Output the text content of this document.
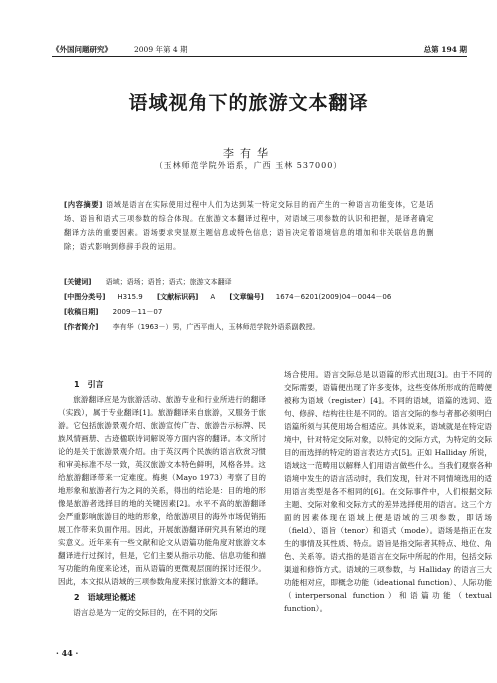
《外国问题研究》	2009 年第 4 期	总第 194 期
语域视角下的旅游文本翻译
李有华
（玉林师范学院外语系，广西 玉林 537000）
[内容摘要] 语域是语言在实际使用过程中人们为达到某一特定交际目的而产生的一种语言功能变体，它是话场、语旨和语式三项参数的综合体现。在旅游文本翻译过程中，对语域三项参数的认识和把握，是译者确定翻译方法的重要因素。语场要求突显原主题信息或特色信息；语旨决定着语境信息的增加和非关联信息的删除；语式影响到修辞手段的运用。
[关键词] 语域；语场；语旨；语式；旅游文本翻译
[中图分类号] H315.9 [文献标识码] A [文章编号] 1674－6201(2009)04－0044－06
[收稿日期] 2009－11－07
[作者简介] 李有华（1963－）男，广西平南人，玉林师范学院外语系副教授。
1　引言

旅游翻译应是为旅游活动、旅游专业和行业所进行的翻译（实践），属于专业翻译[1]。旅游翻译来自旅游，又服务于旅游。它包括旅游景观介绍、旅游宣传广告、旅游告示标牌、民族风情画册、古迹楹联诗词解说等方面内容的翻译。本文所讨论的是关于旅游景观介绍。由于英汉两个民族的语言欣赏习惯和审美标准不尽一致，英汉旅游文本特色鲜明，风格各异。这给旅游翻译带来一定难度。梅奥（Mayo 1973）考察了目的地形象和旅游者行为之间的关系，得出的结论是：目的地的形像是旅游者选择目的地的关键因素[2]。水平不高的旅游翻译会严重影响旅游目的地的形象，给旅游项目的海外市场促销拓展工作带来负面作用。因此，开展旅游翻译研究具有紧迫的现实意义。近年来有一些文献和论文从语篇功能角度对旅游文本翻译进行过探讨，但是，它们主要从指示功能、信息功能和描写功能的角度来论述，而从语篇的更微观层面的探讨还很少。因此，本文拟从语域的三项参数角度来探讨旅游文本的翻译。

2　语域理论概述

语言总是为一定的交际目的，在不同的交际

场合使用。语言交际总是以语篇的形式出现[3]。由于不同的交际需要，语篇便出现了许多变体，这些变体所形成的范畴便被称为语域（register）[4]。不同的语域，语篇的选词、造句、修辞、结构往往是不同的。语言交际的参与者都必须明白语篇所须与其使用场合相适应。具体说来，语域就是在特定语境中，针对特定交际对象，以特定的交际方式，为特定的交际目的而选择的特定的语言表达方式[5]。正如 Halliday 所说，语域这一范畴用以解释人们用语言做些什么。当我们观察各种语境中发生的语言活动时，我们发现，针对不同情境选用的适用语言类型是各不相同的[6]。在交际事件中，人们根据交际主题、交际对象和交际方式的差异选择使用的语言。这三个方面的因素体现在语域上便是语域的三项参数，即话场（field）、语旨（tenor）和语式（mode）。语场是指正在发生的事情及其性质、特点。语旨是指交际者其特点、地位、角色、关系等。语式指的是语言在交际中所起的作用，包括交际渠道和修饰方式。语域的三项参数，与 Halliday 的语言三大功能相对应，即概念功能（ideational function）、人际功能（interpersonal function）和语篇功能（textual function）。

· 44 ·
